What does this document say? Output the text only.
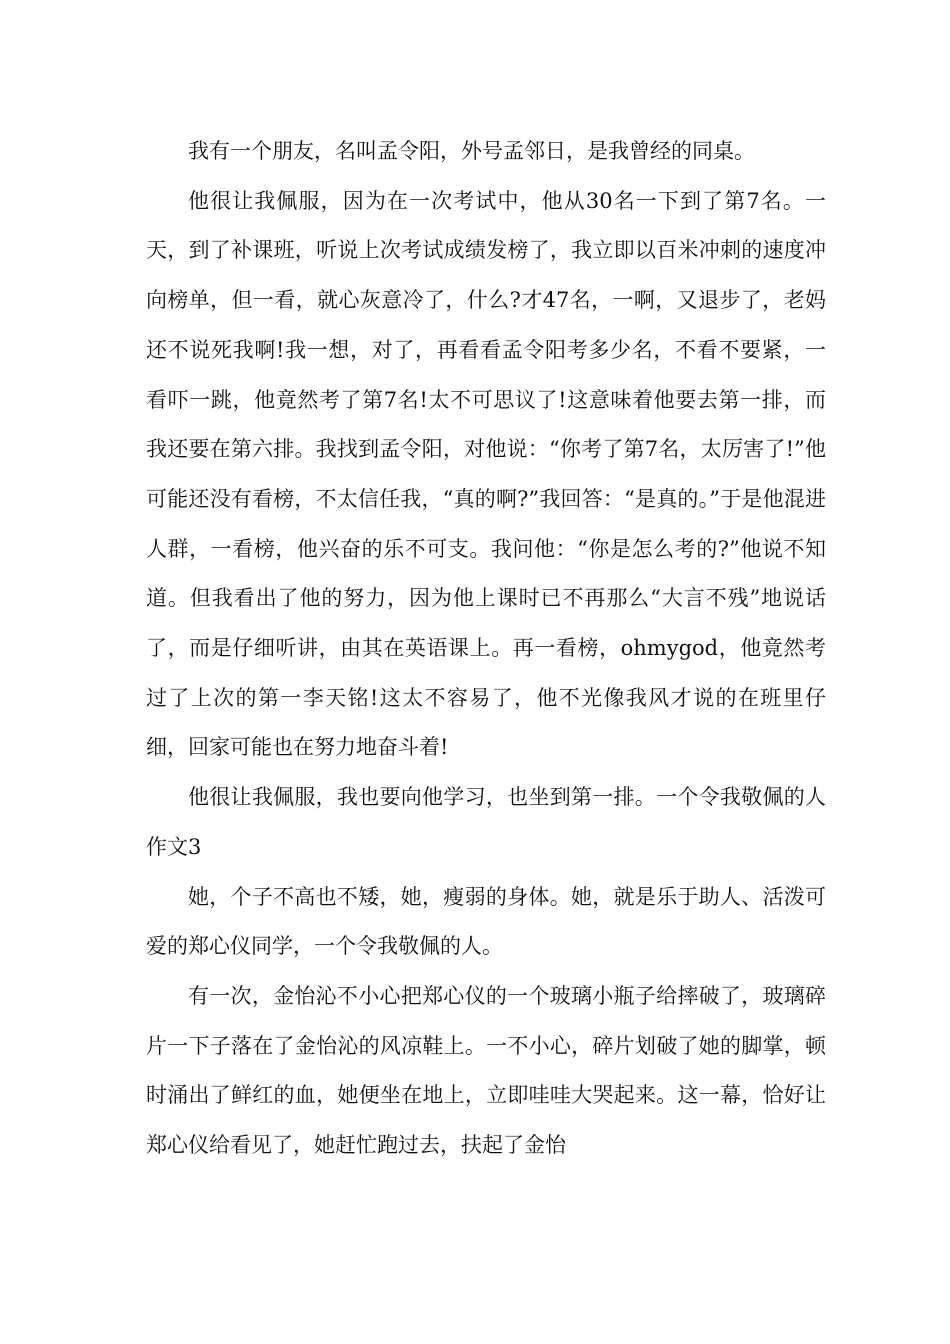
我有一个朋友，名叫孟令阳，外号孟邻日，是我曾经的同桌。

他很让我佩服，因为在一次考试中，他从30名一下到了第7名。一天，到了补课班，听说上次考试成绩发榜了，我立即以百米冲刺的速度冲向榜单，但一看，就心灰意冷了，什么?才47名，一啊，又退步了，老妈还不说死我啊!我一想，对了，再看看孟令阳考多少名，不看不要紧，一看吓一跳，他竟然考了第7名!太不可思议了!这意味着他要去第一排，而我还要在第六排。我找到孟令阳，对他说：“你考了第7名，太厉害了!”他可能还没有看榜，不太信任我，“真的啊?”我回答：“是真的。”于是他混进人群，一看榜，他兴奋的乐不可支。我问他：“你是怎么考的?”他说不知道。但我看出了他的努力，因为他上课时已不再那么“大言不残”地说话了，而是仔细听讲，由其在英语课上。再一看榜，ohmygod，他竟然考过了上次的第一李天铭!这太不容易了，他不光像我风才说的在班里仔细，回家可能也在努力地奋斗着!

他很让我佩服，我也要向他学习，也坐到第一排。一个令我敬佩的人作文3

她，个子不高也不矮，她，瘦弱的身体。她，就是乐于助人、活泼可爱的郑心仪同学，一个令我敬佩的人。

有一次，金怡沁不小心把郑心仪的一个玻璃小瓶子给摔破了，玻璃碎片一下子落在了金怡沁的风凉鞋上。一不小心，碎片划破了她的脚掌，顿时涌出了鲜红的血，她便坐在地上，立即哇哇大哭起来。这一幕，恰好让郑心仪给看见了，她赶忙跑过去，扶起了金怡
